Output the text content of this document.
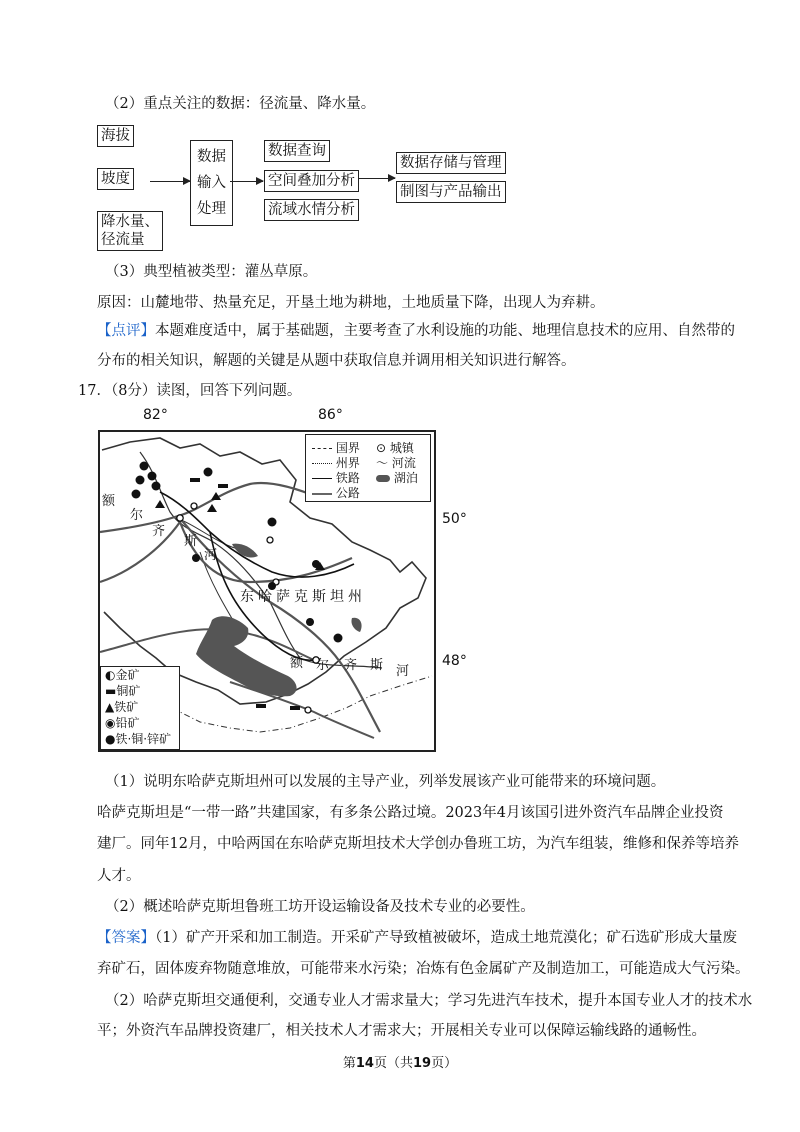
（2）重点关注的数据：径流量、降水量。
海拔
坡度
降水量、
径流量
数据
输入
处理
数据查询
空间叠加分析
流域水情分析
数据存储与管理
制图与产品输出
（3）典型植被类型：灌丛草原。
原因：山麓地带、热量充足，开垦土地为耕地，土地质量下降，出现人为弃耕。
【点评】本题难度适中，属于基础题，主要考查了水利设施的功能、地理信息技术的应用、自然带的
分布的相关知识，解题的关键是从题中获取信息并调用相关知识进行解答。
17．（8分）读图，回答下列问题。
82°	86°
50°
48°
国界
州界
铁路
公路
⊙ 城镇
～ 河流
湖泊
◐金矿
▬铜矿
▲铁矿
◉铅矿
●铁·铜·锌矿
东哈萨克斯坦州
额
尔
齐
斯
河
额 尔 齐 斯 河
（1）说明东哈萨克斯坦州可以发展的主导产业，列举发展该产业可能带来的环境问题。
哈萨克斯坦是“一带一路”共建国家，有多条公路过境。2023年4月该国引进外资汽车品牌企业投资
建厂。同年12月，中哈两国在东哈萨克斯坦技术大学创办鲁班工坊，为汽车组装，维修和保养等培养
人才。
（2）概述哈萨克斯坦鲁班工坊开设运输设备及技术专业的必要性。
【答案】（1）矿产开采和加工制造。开采矿产导致植被破坏，造成土地荒漠化；矿石选矿形成大量废
弃矿石，固体废弃物随意堆放，可能带来水污染；冶炼有色金属矿产及制造加工，可能造成大气污染。
（2）哈萨克斯坦交通便利，交通专业人才需求量大；学习先进汽车技术，提升本国专业人才的技术水
平；外资汽车品牌投资建厂，相关技术人才需求大；开展相关专业可以保障运输线路的通畅性。
第14页（共19页）
